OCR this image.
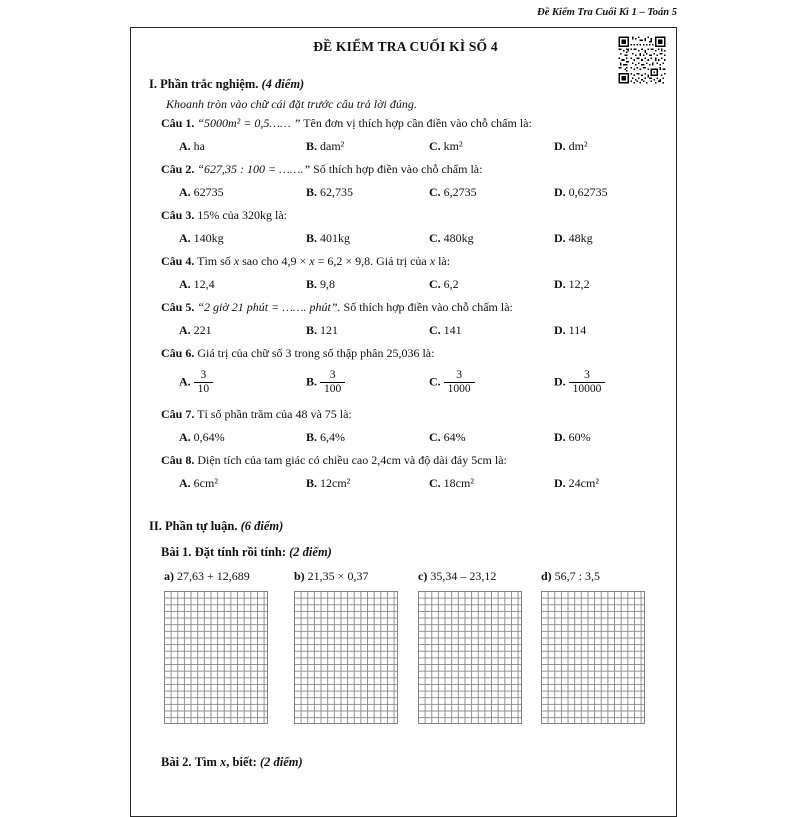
Đề Kiểm Tra Cuối Kì 1 – Toán 5
ĐỀ KIỂM TRA CUỐI KÌ SỐ 4
I. Phần trắc nghiệm. (4 điểm)
Khoanh tròn vào chữ cái đặt trước câu trả lời đúng.
Câu 1. “5000m² = 0,5…… ” Tên đơn vị thích hợp cần điền vào chỗ chấm là:
A. ha	B. dam²	C. km²	D. dm²
Câu 2. “627,35 : 100 = …….” Số thích hợp điền vào chỗ chấm là:
A. 62735	B. 62,735	C. 6,2735	D. 0,62735
Câu 3. 15% của 320kg là:
A. 140kg	B. 401kg	C. 480kg	D. 48kg
Câu 4. Tìm số x sao cho 4,9 × x = 6,2 × 9,8. Giá trị của x là:
A. 12,4	B. 9,8	C. 6,2	D. 12,2
Câu 5. “2 giờ 21 phút = ……. phút”. Số thích hợp điền vào chỗ chấm là:
A. 221	B. 121	C. 141	D. 114
Câu 6. Giá trị của chữ số 3 trong số thập phân 25,036 là:
A. $\frac{3}{10}$	B. $\frac{3}{100}$	C. $\frac{3}{1000}$	D. $\frac{3}{10000}$
Câu 7. Tỉ số phần trăm của 48 và 75 là:
A. 0,64%	B. 6,4%	C. 64%	D. 60%
Câu 8. Diện tích của tam giác có chiều cao 2,4cm và độ dài đáy 5cm là:
A. 6cm²	B. 12cm²	C. 18cm²	D. 24cm²
II. Phần tự luận. (6 điểm)
Bài 1. Đặt tính rồi tính: (2 điểm)
a) 27,63 + 12,689	b) 21,35 × 0,37	c) 35,34 – 23,12	d) 56,7 : 3,5
Bài 2. Tìm x, biết: (2 điểm)
